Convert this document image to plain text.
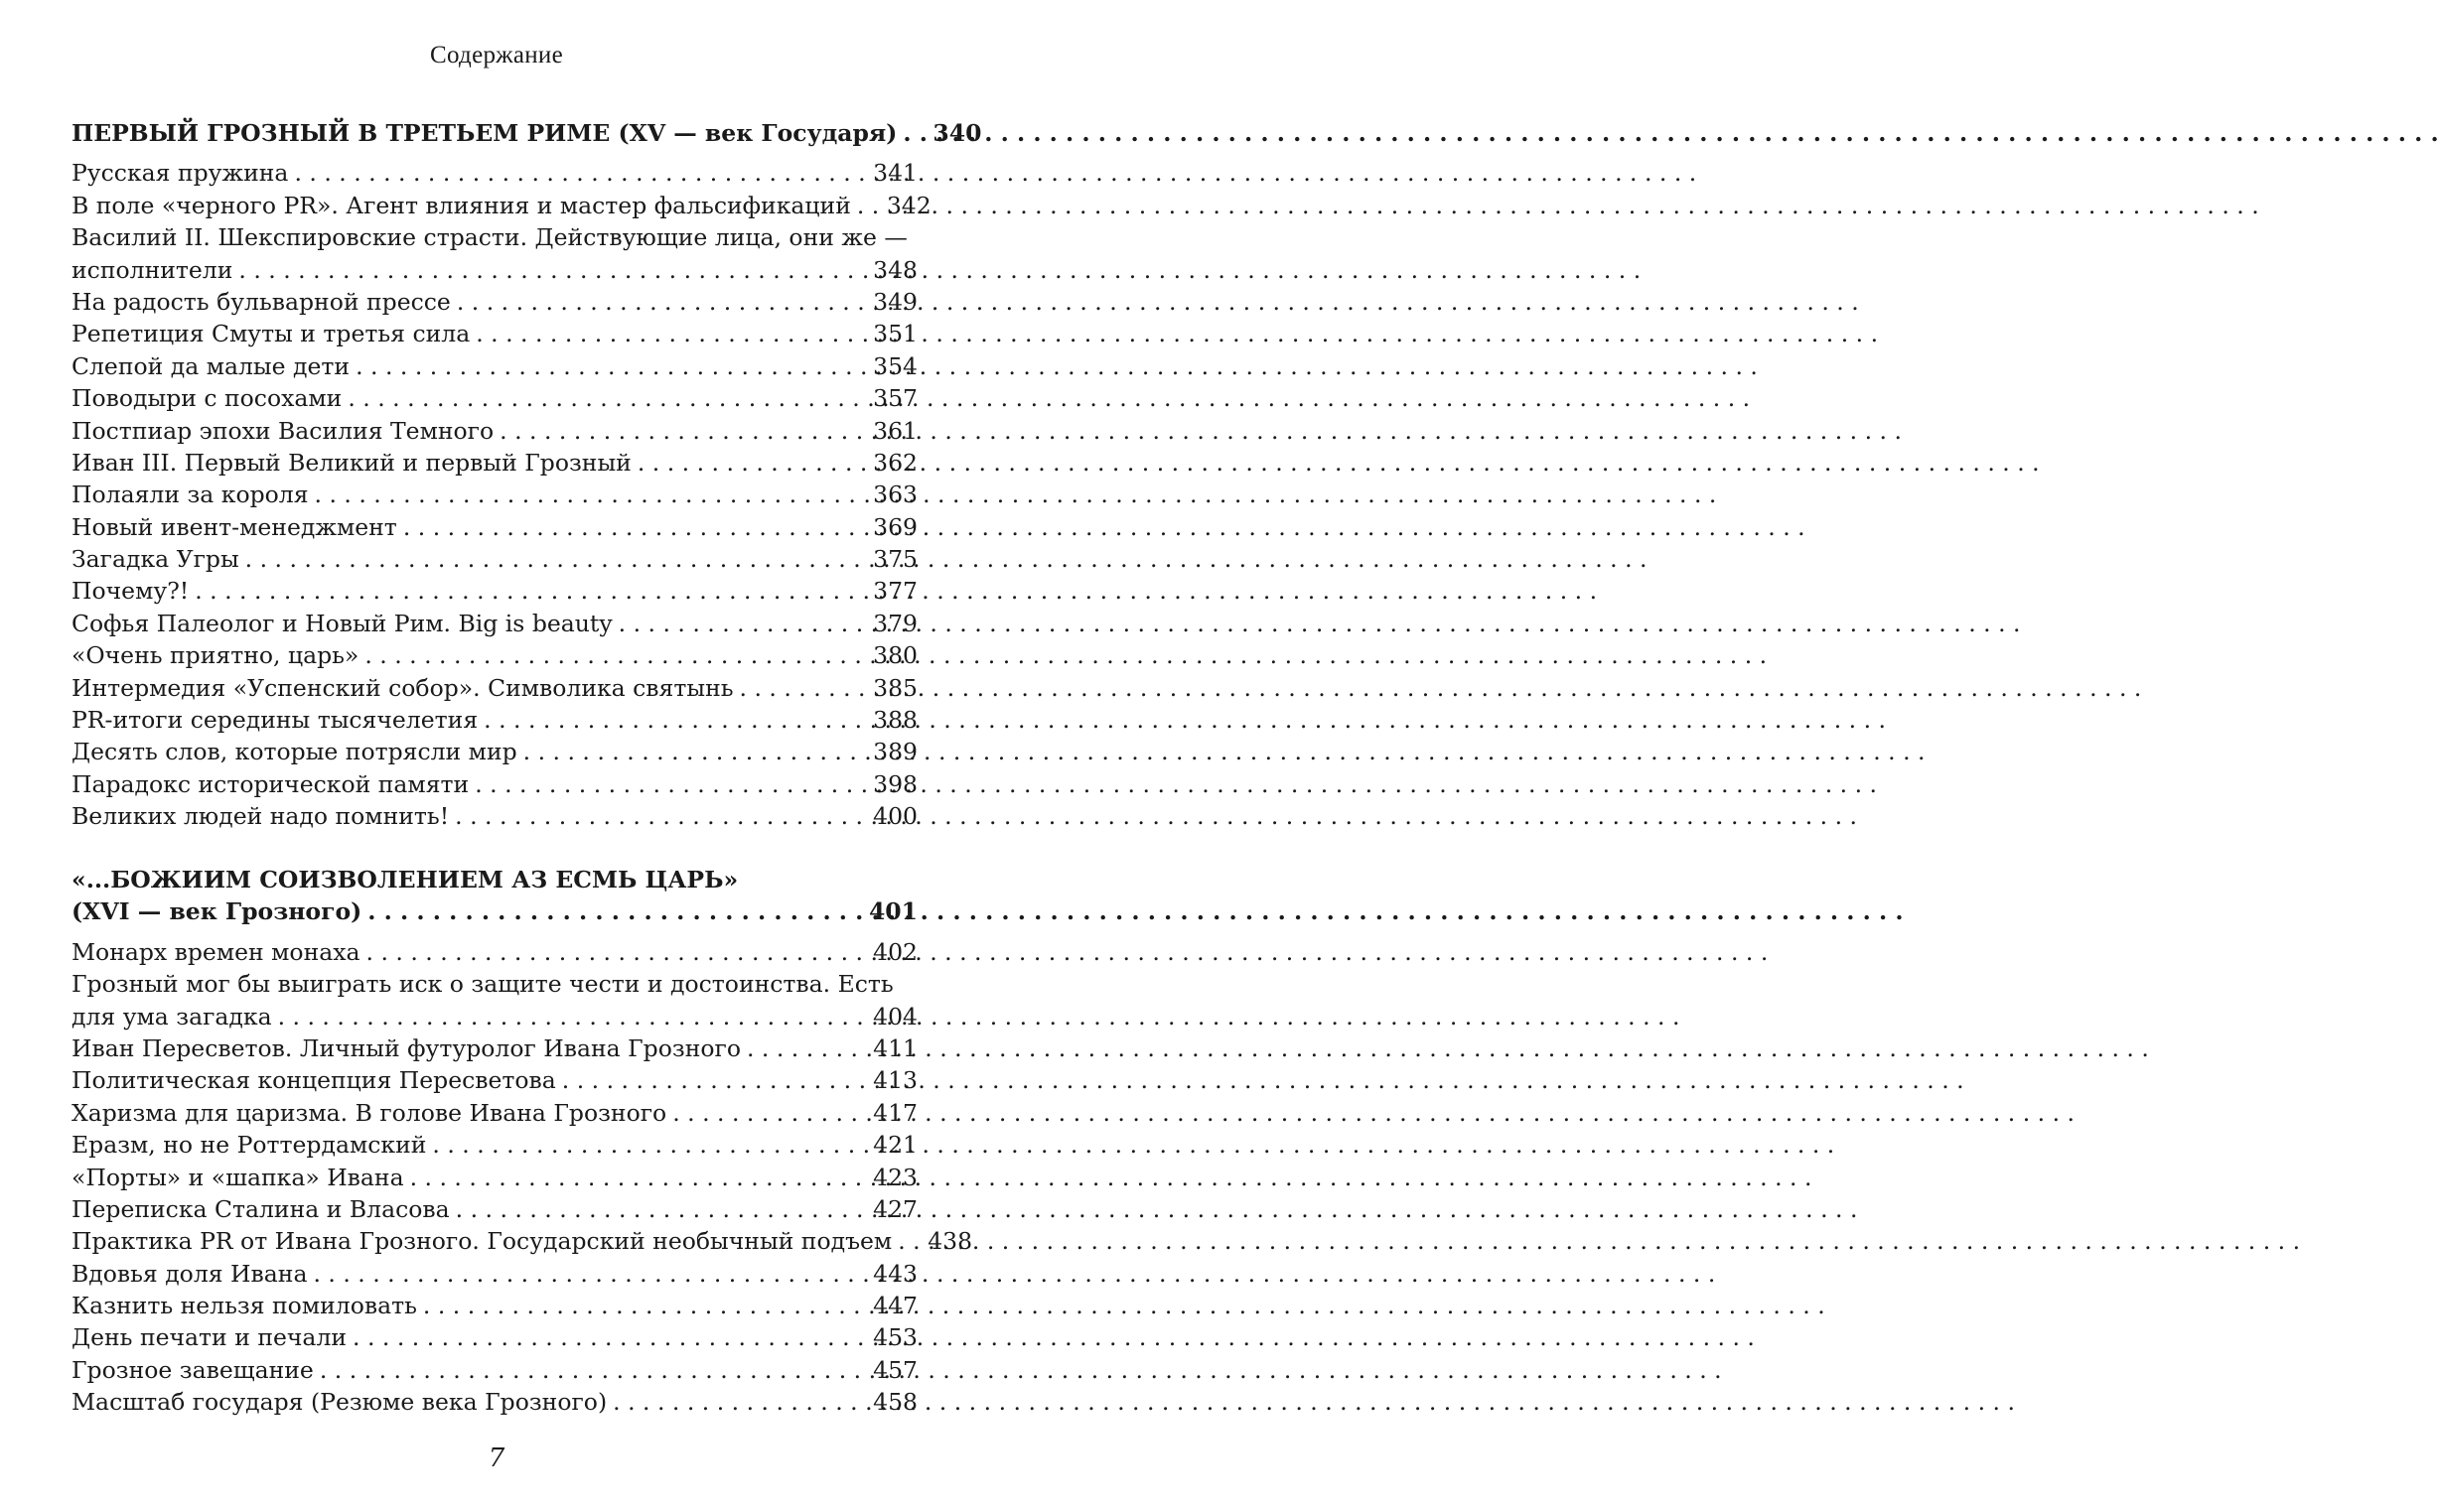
Содержание
ПЕРВЫЙ ГРОЗНЫЙ В ТРЕТЬЕМ РИМЕ (XV — век Государя) . . .	340
Русская пружина . . .	341
В поле «черного PR». Агент влияния и мастер фальсификаций . . .	342
Василий II. Шекспировские страсти. Действующие лица, они же —
исполнители . . .	348
На радость бульварной прессе . . .	349
Репетиция Смуты и третья сила . . .	351
Слепой да малые дети . . .	354
Поводыри с посохами . . .	357
Постпиар эпохи Василия Темного . . .	361
Иван III. Первый Великий и первый Грозный . . .	362
Полаяли за короля . . .	363
Новый ивент-менеджмент . . .	369
Загадка Угры . . .	375
Почему?! . . .	377
Софья Палеолог и Новый Рим. Big is beauty . . .	379
«Очень приятно, царь» . . .	380
Интермедия «Успенский собор». Символика святынь . . .	385
PR-итоги середины тысячелетия . . .	388
Десять слов, которые потрясли мир . . .	389
Парадокс исторической памяти . . .	398
Великих людей надо помнить! . . .	400
«...БОЖИИМ СОИЗВОЛЕНИЕМ АЗ ЕСМЬ ЦАРЬ»
(XVI — век Грозного) . . .	401
Монарх времен монаха . . .	402
Грозный мог бы выиграть иск о защите чести и достоинства. Есть
для ума загадка . . .	404
Иван Пересветов. Личный футуролог Ивана Грозного . . .	411
Политическая концепция Пересветова . . .	413
Харизма для царизма. В голове Ивана Грозного . . .	417
Еразм, но не Роттердамский . . .	421
«Порты» и «шапка» Ивана . . .	423
Переписка Сталина и Власова . . .	427
Практика PR от Ивана Грозного. Государский необычный подъем . . .	438
Вдовья доля Ивана . . .	443
Казнить нельзя помиловать . . .	447
День печати и печали . . .	453
Грозное завещание . . .	457
Масштаб государя (Резюме века Грозного) . . .	458
7
